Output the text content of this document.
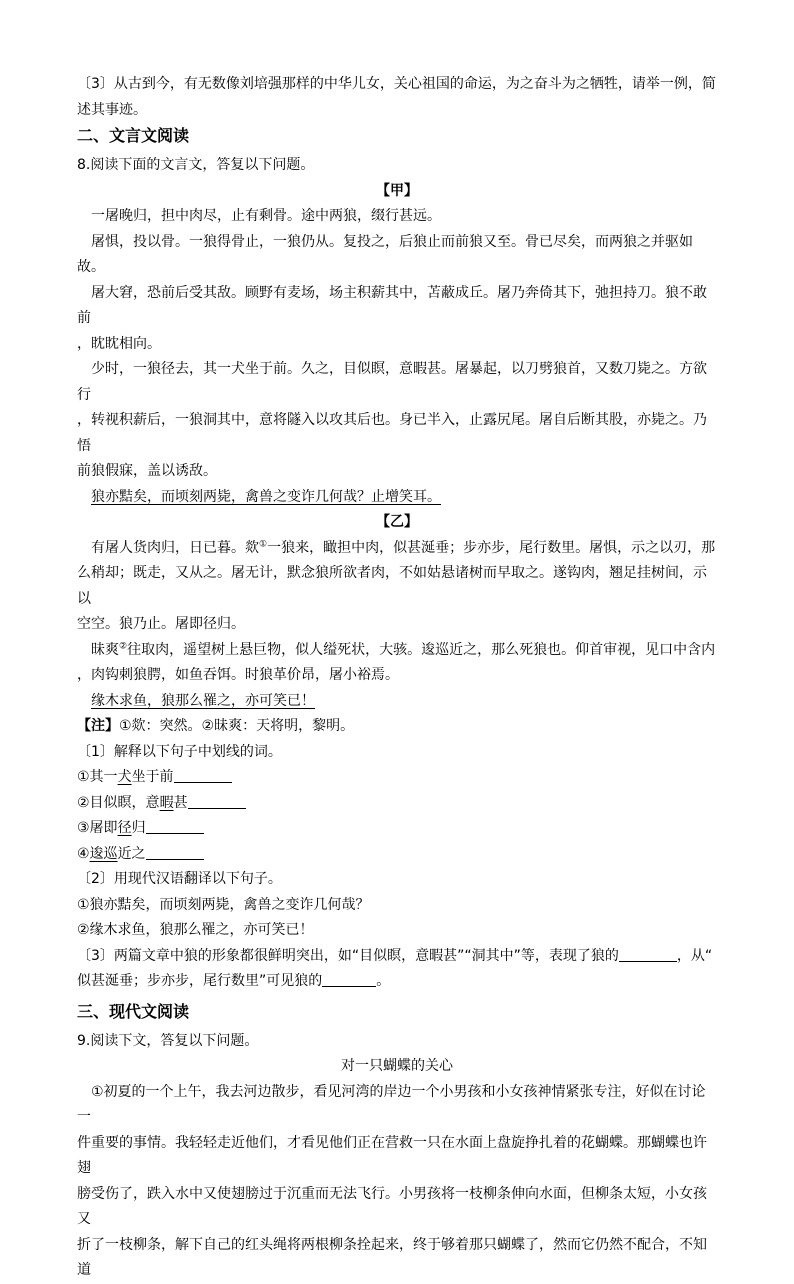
〔3〕从古到今，有无数像刘培强那样的中华儿女，关心祖国的命运，为之奋斗为之牺牲，请举一例，简

述其事迹。

二、文言文阅读

8.阅读下面的文言文，答复以下问题。

【甲】

一屠晚归，担中肉尽，止有剩骨。途中两狼，缀行甚远。

屠惧，投以骨。一狼得骨止，一狼仍从。复投之，后狼止而前狼又至。骨已尽矣，而两狼之并驱如故。

屠大窘，恐前后受其敌。顾野有麦场，场主积薪其中，苫蔽成丘。屠乃奔倚其下，弛担持刀。狼不敢前

，眈眈相向。

少时，一狼径去，其一犬坐于前。久之，目似瞑，意暇甚。屠暴起，以刀劈狼首，又数刀毙之。方欲行

，转视积薪后，一狼洞其中，意将隧入以攻其后也。身已半入，止露尻尾。屠自后断其股，亦毙之。乃悟

前狼假寐，盖以诱敌。

狼亦黠矣，而顷刻两毙，禽兽之变诈几何哉？止增笑耳。

【乙】

有屠人货肉归，日已暮。欻①一狼来，瞰担中肉，似甚涎垂；步亦步，尾行数里。屠惧，示之以刃，那

么稍却；既走，又从之。屠无计，默念狼所欲者肉，不如姑悬诸树而早取之。遂钩肉，翘足挂树间，示以

空空。狼乃止。屠即径归。

昧爽②往取肉，遥望树上悬巨物，似人缢死状，大骇。逡巡近之，那么死狼也。仰首审视，见口中含内

，肉钩刺狼腭，如鱼吞饵。时狼革价昂，屠小裕焉。

缘木求鱼，狼那么罹之，亦可笑已！

【注】①欻：突然。②昧爽：天将明，黎明。

〔1〕解释以下句子中划线的词。

①其一犬坐于前

②目似瞑，意暇甚

③屠即径归

④逡巡近之

〔2〕用现代汉语翻译以下句子。

①狼亦黠矣，而顷刻两毙，禽兽之变诈几何哉？

②缘木求鱼，狼那么罹之，亦可笑已！

〔3〕两篇文章中狼的形象都很鲜明突出，如“目似瞑，意暇甚”“洞其中”等，表现了狼的	，从“

似甚涎垂；步亦步，尾行数里”可见狼的	。

三、现代文阅读

9.阅读下文，答复以下问题。

对一只蝴蝶的关心

①初夏的一个上午，我去河边散步，看见河湾的岸边一个小男孩和小女孩神情紧张专注，好似在讨论一

件重要的事情。我轻轻走近他们，才看见他们正在营救一只在水面上盘旋挣扎着的花蝴蝶。那蝴蝶也许翅

膀受伤了，跌入水中又使翅膀过于沉重而无法飞行。小男孩将一枝柳条伸向水面，但柳条太短，小女孩又

折了一枝柳条，解下自己的红头绳将两根柳条拴起来，终于够着那只蝴蝶了，然而它仍然不配合，不知道
